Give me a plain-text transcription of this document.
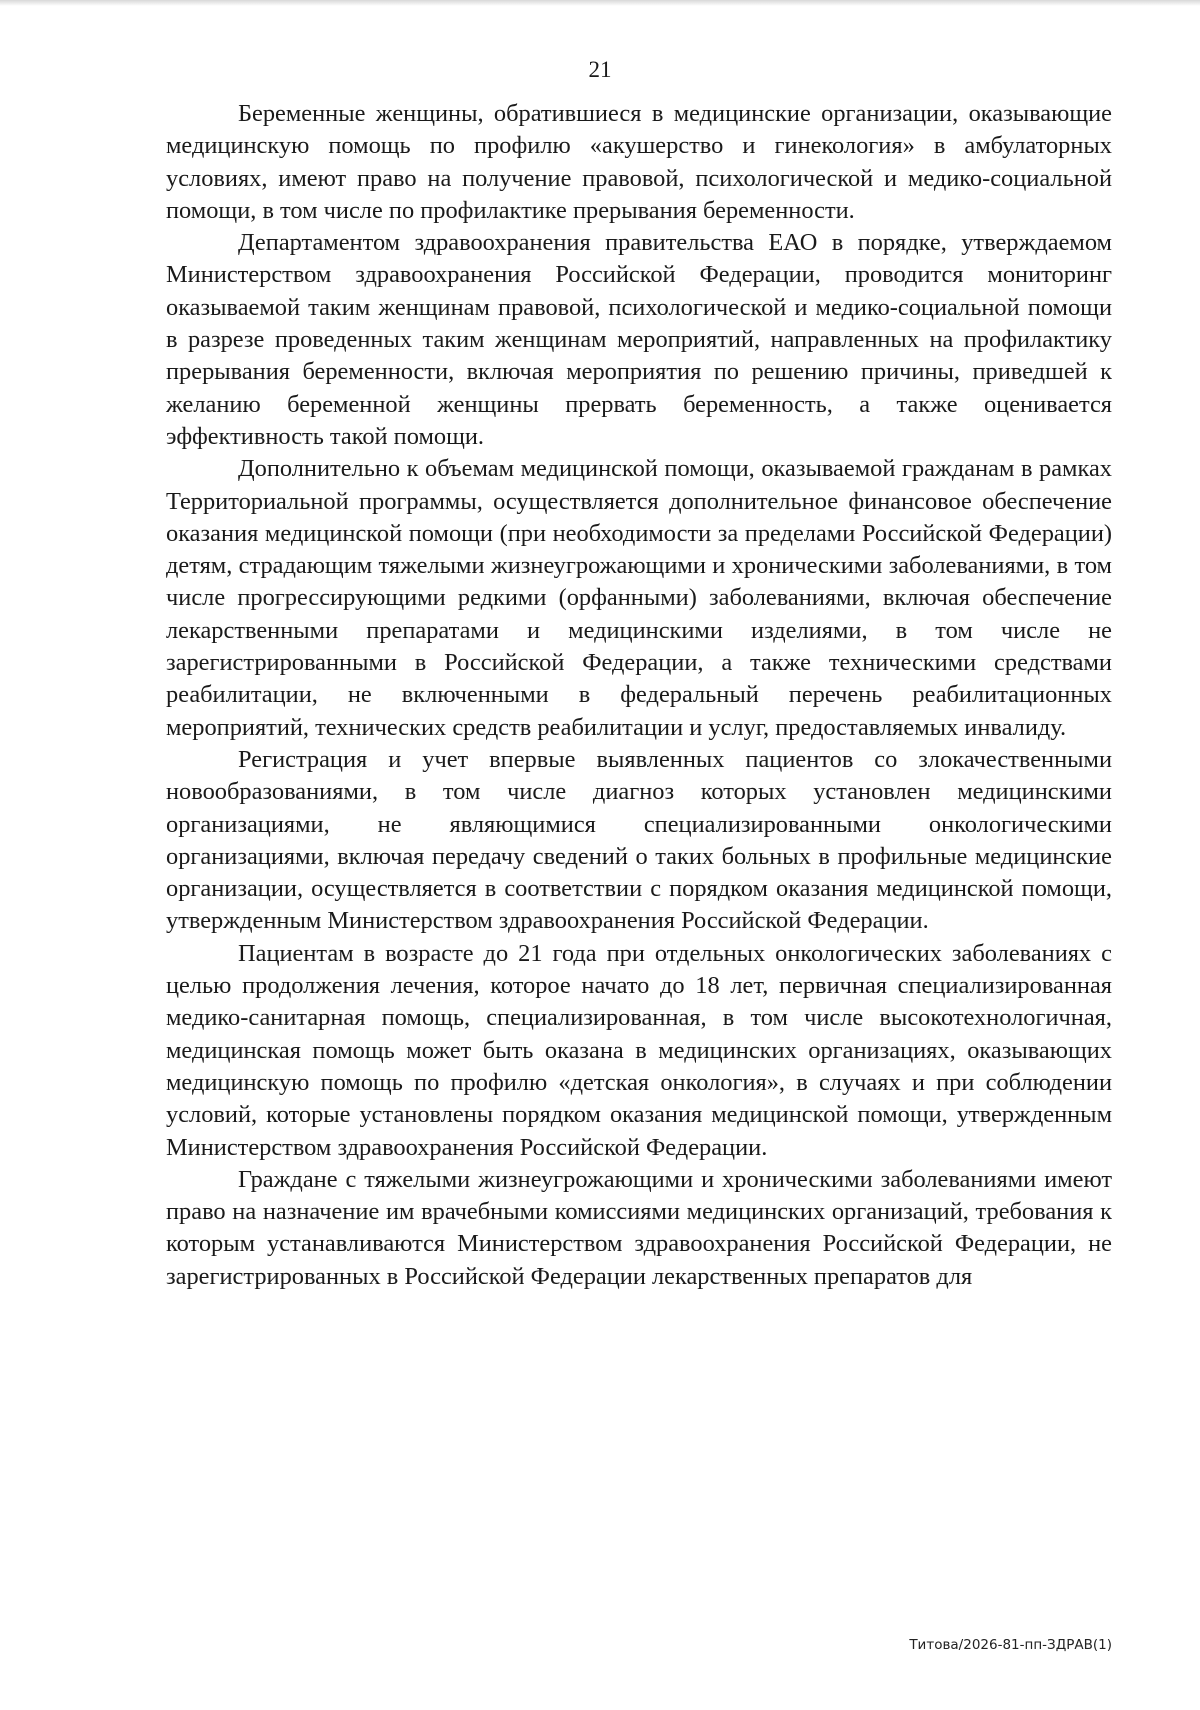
21

Беременные женщины, обратившиеся в медицинские организации, оказывающие медицинскую помощь по профилю «акушерство и гинекология» в амбулаторных условиях, имеют право на получение правовой, психологической и медико-социальной помощи, в том числе по профилактике прерывания беременности.

Департаментом здравоохранения правительства ЕАО в порядке, утверждаемом Министерством здравоохранения Российской Федерации, проводится мониторинг оказываемой таким женщинам правовой, психологической и медико-социальной помощи в разрезе проведенных таким женщинам мероприятий, направленных на профилактику прерывания беременности, включая мероприятия по решению причины, приведшей к желанию беременной женщины прервать беременность, а также оценивается эффективность такой помощи.

Дополнительно к объемам медицинской помощи, оказываемой гражданам в рамках Территориальной программы, осуществляется дополнительное финансовое обеспечение оказания медицинской помощи (при необходимости за пределами Российской Федерации) детям, страдающим тяжелыми жизнеугрожающими и хроническими заболеваниями, в том числе прогрессирующими редкими (орфанными) заболеваниями, включая обеспечение лекарственными препаратами и медицинскими изделиями, в том числе не зарегистрированными в Российской Федерации, а также техническими средствами реабилитации, не включенными в федеральный перечень реабилитационных мероприятий, технических средств реабилитации и услуг, предоставляемых инвалиду.

Регистрация и учет впервые выявленных пациентов со злокачественными новообразованиями, в том числе диагноз которых установлен медицинскими организациями, не являющимися специализированными онкологическими организациями, включая передачу сведений о таких больных в профильные медицинские организации, осуществляется в соответствии с порядком оказания медицинской помощи, утвержденным Министерством здравоохранения Российской Федерации.

Пациентам в возрасте до 21 года при отдельных онкологических заболеваниях с целью продолжения лечения, которое начато до 18 лет, первичная специализированная медико-санитарная помощь, специализированная, в том числе высокотехнологичная, медицинская помощь может быть оказана в медицинских организациях, оказывающих медицинскую помощь по профилю «детская онкология», в случаях и при соблюдении условий, которые установлены порядком оказания медицинской помощи, утвержденным Министерством здравоохранения Российской Федерации.

Граждане с тяжелыми жизнеугрожающими и хроническими заболеваниями имеют право на назначение им врачебными комиссиями медицинских организаций, требования к которым устанавливаются Министерством здравоохранения Российской Федерации, не зарегистрированных в Российской Федерации лекарственных препаратов для

Титова/2026-81-пп-ЗДРАВ(1)
